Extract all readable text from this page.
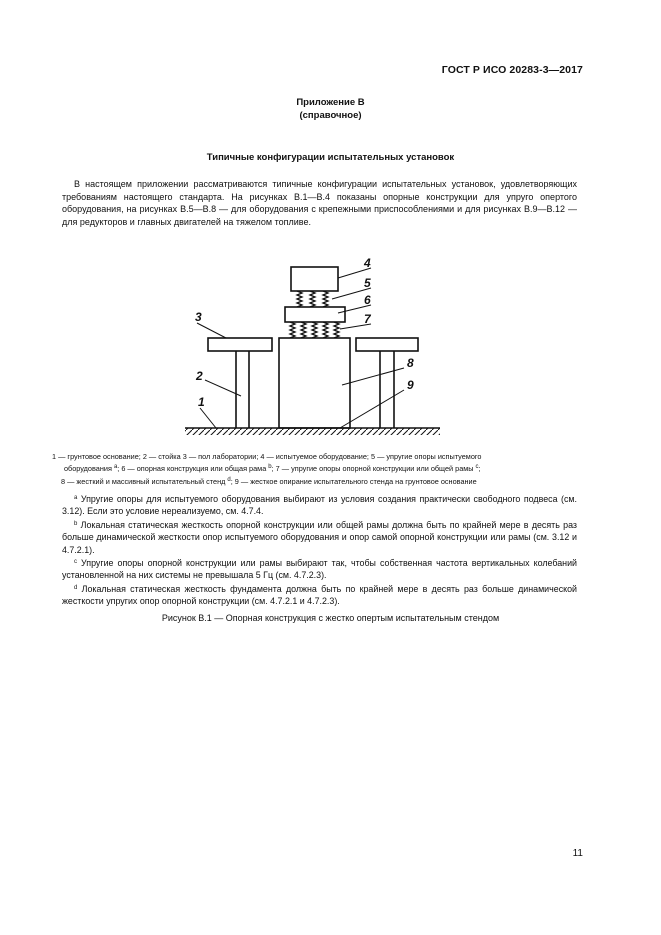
ГОСТ Р ИСО 20283-3—2017
Приложение В
(справочное)
Типичные конфигурации испытательных установок

В настоящем приложении рассматриваются типичные конфигурации испытательных установок, удовлетворяющих требованиям настоящего стандарта. На рисунках В.1—В.4 показаны опорные конструкции для упруго опертого оборудования, на рисунках В.5—В.8 — для оборудования с крепежными приспособлениями и для рисунках В.9—В.12 — для редукторов и главных двигателей на тяжелом топливе.

1
2
3
4
5
6
7
8
9
1 — грунтовое основание; 2 — стойка 3 — пол лаборатории; 4 — испытуемое оборудование; 5 — упругие опоры испытуемого
оборудования $^а$; 6 — опорная конструкция или общая рама $^b$; 7 — упругие опоры опорной конструкции или общей рамы $^с$;
8 — жесткий и массивный испытательный стенд $^d$; 9 — жесткое опирание испытательного стенда на грунтовое основание

$^а$ Упругие опоры для испытуемого оборудования выбирают из условия создания практически свободного подвеса (см. 3.12). Если это условие нереализуемо, см. 4.7.4.

$^b$ Локальная статическая жесткость опорной конструкции или общей рамы должна быть по крайней мере в десять раз больше динамической жесткости опор испытуемого оборудования и опор самой опорной конструкции или рамы (см. 3.12 и 4.7.2.1).

$^с$ Упругие опоры опорной конструкции или рамы выбирают так, чтобы собственная частота вертикальных колебаний установленной на них системы не превышала 5 Гц (см. 4.7.2.3).

$^d$ Локальная статическая жесткость фундамента должна быть по крайней мере в десять раз больше динамической жесткости упругих опор опорной конструкции (см. 4.7.2.1 и 4.7.2.3).

Рисунок В.1 — Опорная конструкция с жестко опертым испытательным стендом
11
